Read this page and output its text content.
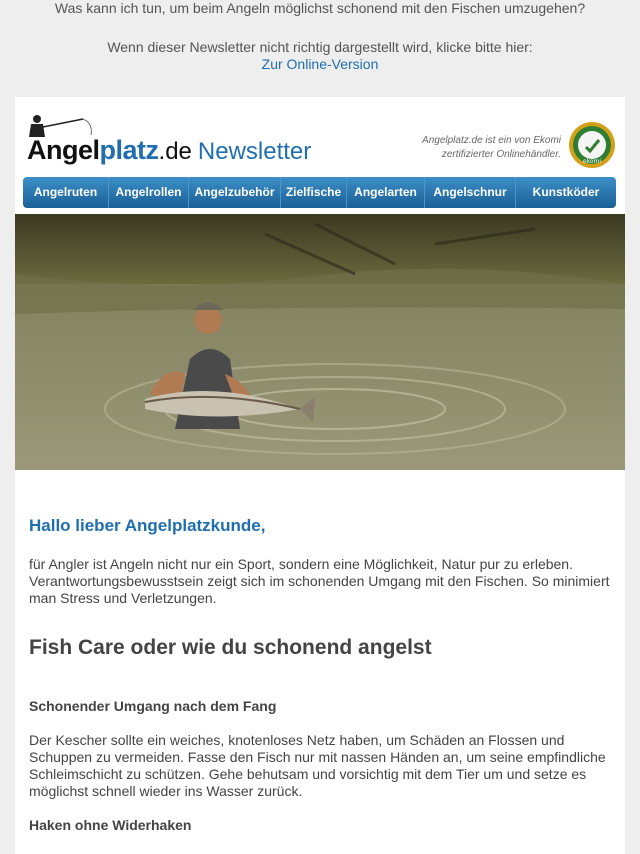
Was kann ich tun, um beim Angeln möglichst schonend mit den Fischen umzugehen?
Wenn dieser Newsletter nicht richtig dargestellt wird, klicke bitte hier:
Zur Online-Version
Angelplatz.de Newsletter	Angelplatz.de ist ein von Ekomi
zertifizierter Onlinehändler.
ekomi
Angelruten	Angelrollen	Angelzubehör Zielfische	Angelarten	Angelschnur	Kunstköder
Hallo lieber Angelplatzkunde,
für Angler ist Angeln nicht nur ein Sport, sondern eine Möglichkeit, Natur pur zu erleben. Verantwortungsbewusstsein zeigt sich im schonenden Umgang mit den Fischen. So minimiert man Stress und Verletzungen.
Fish Care oder wie du schonend angelst
Schonender Umgang nach dem Fang
Der Kescher sollte ein weiches, knotenloses Netz haben, um Schäden an Flossen und Schuppen zu vermeiden. Fasse den Fisch nur mit nassen Händen an, um seine empfindliche Schleimschicht zu schützen. Gehe behutsam und vorsichtig mit dem Tier um und setze es möglichst schnell wieder ins Wasser zurück.
Haken ohne Widerhaken
